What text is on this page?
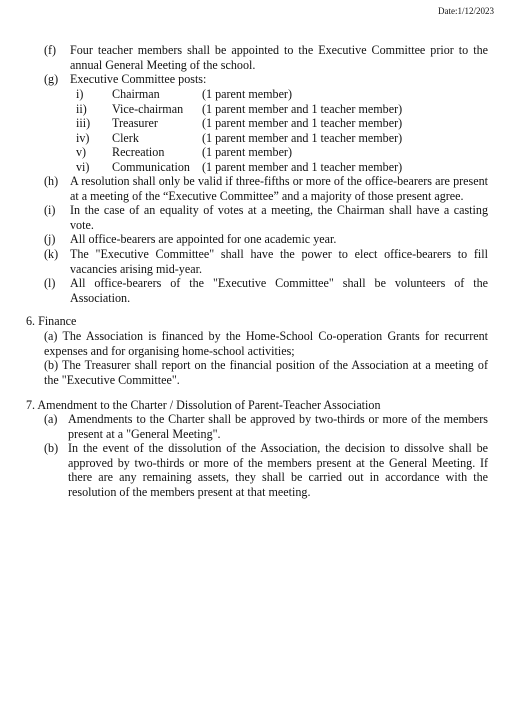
Date:1/12/2023
(f)	Four teacher members shall be appointed to the Executive Committee prior to the annual General Meeting of the school.
(g) Executive Committee posts:
i)	Chairman	(1 parent member)
ii)	Vice-chairman	(1 parent member and 1 teacher member)
iii)	Treasurer	(1 parent member and 1 teacher member)
iv)	Clerk	(1 parent member and 1 teacher member)
v)	Recreation	(1 parent member)
vi)	Communication (1 parent member and 1 teacher member)
(h) A resolution shall only be valid if three-fifths or more of the office-bearers are present at a meeting of the “Executive Committee” and a majority of those present agree.
(i)	In the case of an equality of votes at a meeting, the Chairman shall have a casting vote.
(j)	All office-bearers are appointed for one academic year.
(k) The "Executive Committee" shall have the power to elect office-bearers to fill vacancies arising mid-year.
(l)	All office-bearers of the "Executive Committee" shall be volunteers of the Association.
6. Finance
(a) The Association is financed by the Home-School Co-operation Grants for recurrent expenses and for organising home-school activities;
(b) The Treasurer shall report on the financial position of the Association at a meeting of the "Executive Committee".
7. Amendment to the Charter / Dissolution of Parent-Teacher Association
(a) Amendments to the Charter shall be approved by two-thirds or more of the members present at a "General Meeting".
(b) In the event of the dissolution of the Association, the decision to dissolve shall be approved by two-thirds or more of the members present at the General Meeting. If there are any remaining assets, they shall be carried out in accordance with the resolution of the members present at that meeting.
